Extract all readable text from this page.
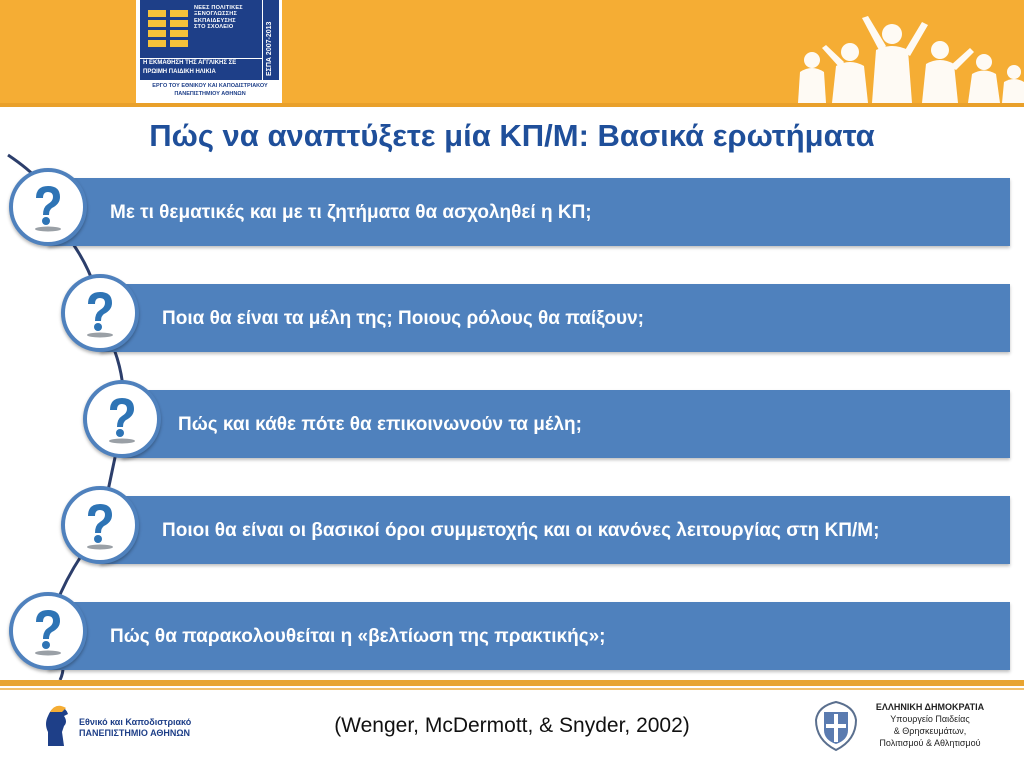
ΝΕΕΣ ΠΟΛΙΤΙΚΕΣ
ΞΕΝΟΓΛΩΣΣΗΣ
ΕΚΠΑΙΔΕΥΣΗΣ
ΣΤΟ ΣΧΟΛΕΙΟ	ΕΣΠΑ 2007-2013
Η ΕΚΜΑΘΗΣΗ ΤΗΣ ΑΓΓΛΙΚΗΣ ΣΕ
ΠΡΩΙΜΗ ΠΑΙΔΙΚΗ ΗΛΙΚΙΑ
ΕΡΓΟ ΤΟΥ ΕΘΝΙΚΟΥ ΚΑΙ ΚΑΠΟΔΙΣΤΡΙΑΚΟΥ
ΠΑΝΕΠΙΣΤΗΜΙΟΥ ΑΘΗΝΩΝ
Πώς να αναπτύξετε μία ΚΠ/Μ: Βασικά ερωτήματα
Με τι θεματικές και με τι ζητήματα θα ασχοληθεί η ΚΠ;
Ποια θα είναι τα μέλη της; Ποιους ρόλους θα παίξουν;
Πώς και κάθε πότε θα επικοινωνούν τα μέλη;
Ποιοι θα είναι οι βασικοί όροι συμμετοχής και οι κανόνες λειτουργίας στη ΚΠ/Μ;
Πώς θα παρακολουθείται η «βελτίωση της πρακτικής»;
Εθνικό και Καποδιστριακό
ΠΑΝΕΠΙΣΤΗΜΙΟ ΑΘΗΝΩΝ	(Wenger, McDermott, & Snyder, 2002)
ΕΛΛΗΝΙΚΗ ΔΗΜΟΚΡΑΤΙΑ
Υπουργείο Παιδείας
& Θρησκευμάτων,
Πολιτισμού & Αθλητισμού
